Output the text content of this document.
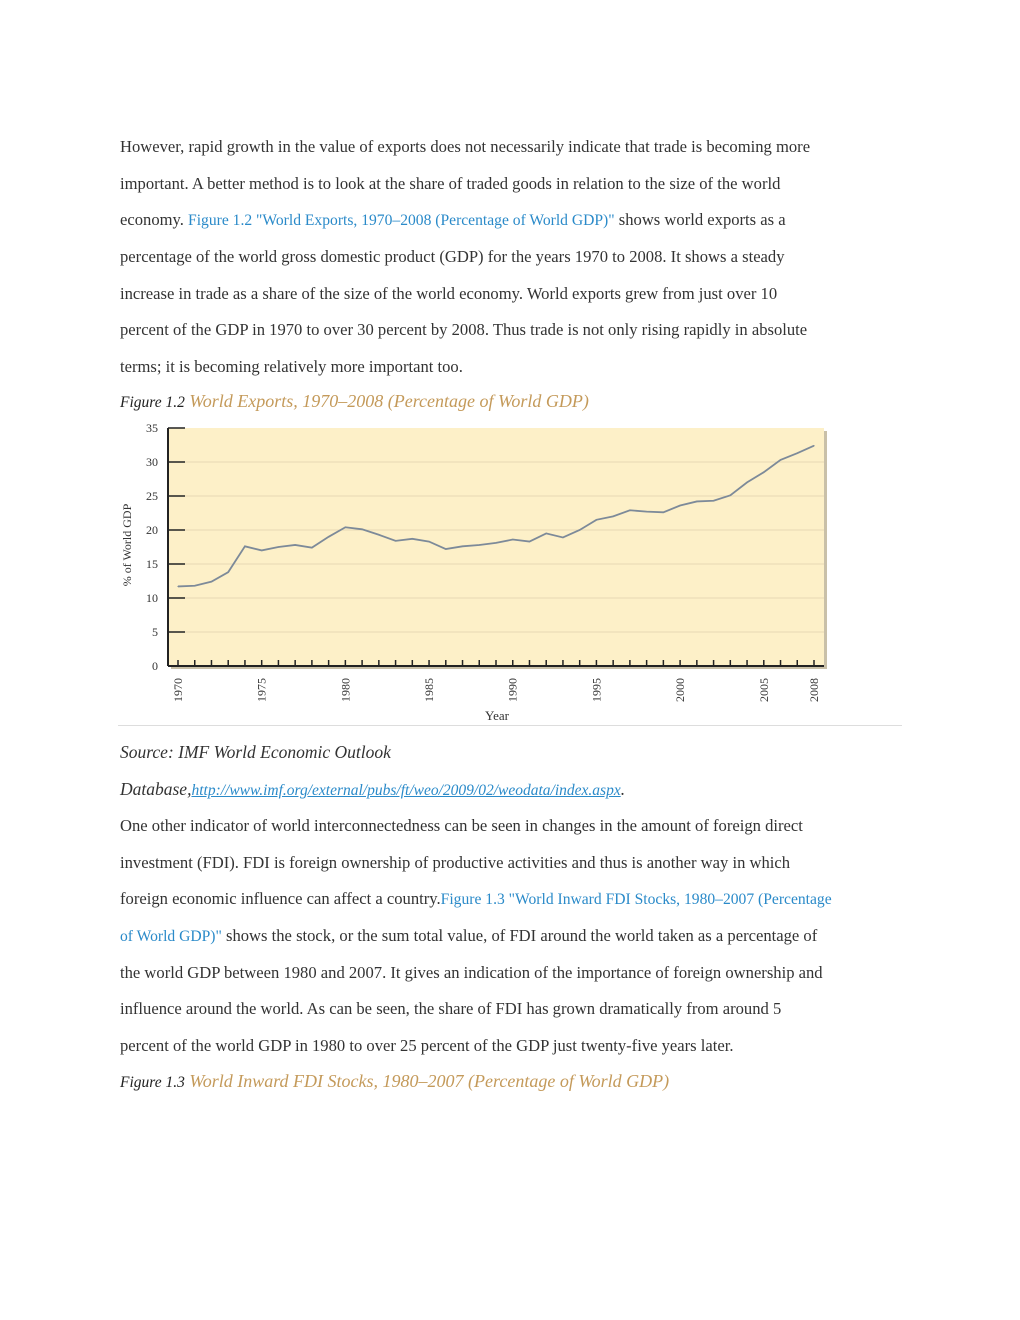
However, rapid growth in the value of exports does not necessarily indicate that trade is becoming more
important. A better method is to look at the share of traded goods in relation to the size of the world
economy. Figure 1.2 "World Exports, 1970–2008 (Percentage of World GDP)" shows world exports as a
percentage of the world gross domestic product (GDP) for the years 1970 to 2008. It shows a steady
increase in trade as a share of the size of the world economy. World exports grew from just over 10
percent of the GDP in 1970 to over 30 percent by 2008. Thus trade is not only rising rapidly in absolute
terms; it is becoming relatively more important too.
Figure 1.2 World Exports, 1970–2008 (Percentage of World GDP)
0
5
10
15
20
25
30
35
1970	1975	1980	1985	1990	1995	2000	2005	2008
Year
% of World GDP
Source: IMF World Economic Outlook
Database,http://www.imf.org/external/pubs/ft/weo/2009/02/weodata/index.aspx.
One other indicator of world interconnectedness can be seen in changes in the amount of foreign direct
investment (FDI). FDI is foreign ownership of productive activities and thus is another way in which
foreign economic influence can affect a country.Figure 1.3 "World Inward FDI Stocks, 1980–2007 (Percentage
of World GDP)" shows the stock, or the sum total value, of FDI around the world taken as a percentage of
the world GDP between 1980 and 2007. It gives an indication of the importance of foreign ownership and
influence around the world. As can be seen, the share of FDI has grown dramatically from around 5
percent of the world GDP in 1980 to over 25 percent of the GDP just twenty-five years later.
Figure 1.3 World Inward FDI Stocks, 1980–2007 (Percentage of World GDP)
